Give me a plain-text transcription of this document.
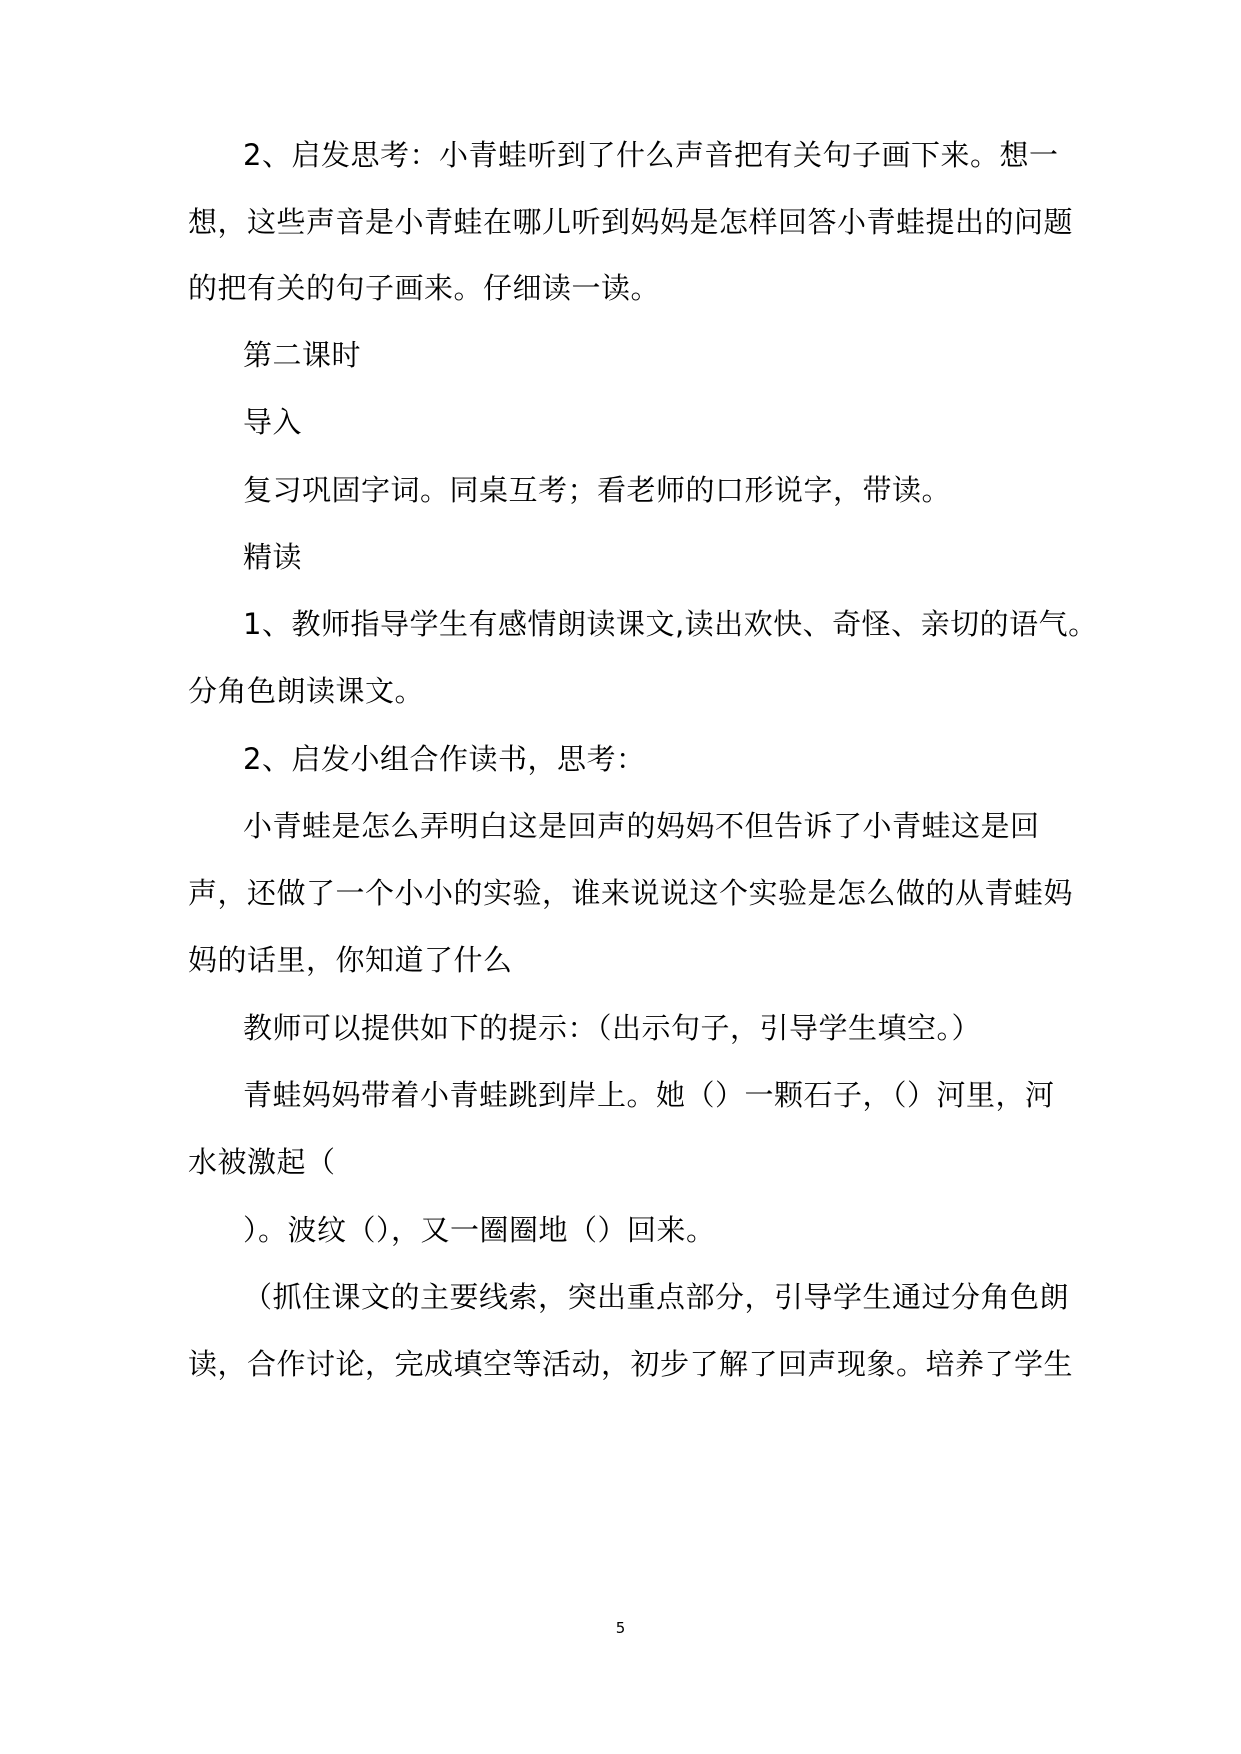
2、启发思考：小青蛙听到了什么声音把有关句子画下来。想一
想，这些声音是小青蛙在哪儿听到妈妈是怎样回答小青蛙提出的问题
的把有关的句子画来。仔细读一读。
第二课时
导入
复习巩固字词。同桌互考；看老师的口形说字，带读。
精读
1、教师指导学生有感情朗读课文,读出欢快、奇怪、亲切的语气。
分角色朗读课文。
2、启发小组合作读书，思考：
小青蛙是怎么弄明白这是回声的妈妈不但告诉了小青蛙这是回
声，还做了一个小小的实验，谁来说说这个实验是怎么做的从青蛙妈
妈的话里，你知道了什么
教师可以提供如下的提示：（出示句子，引导学生填空。）
青蛙妈妈带着小青蛙跳到岸上。她（）一颗石子，（）河里，河
水被激起（
）。波纹（），又一圈圈地（）回来。
（抓住课文的主要线索，突出重点部分，引导学生通过分角色朗
读，合作讨论，完成填空等活动，初步了解了回声现象。培养了学生
5
